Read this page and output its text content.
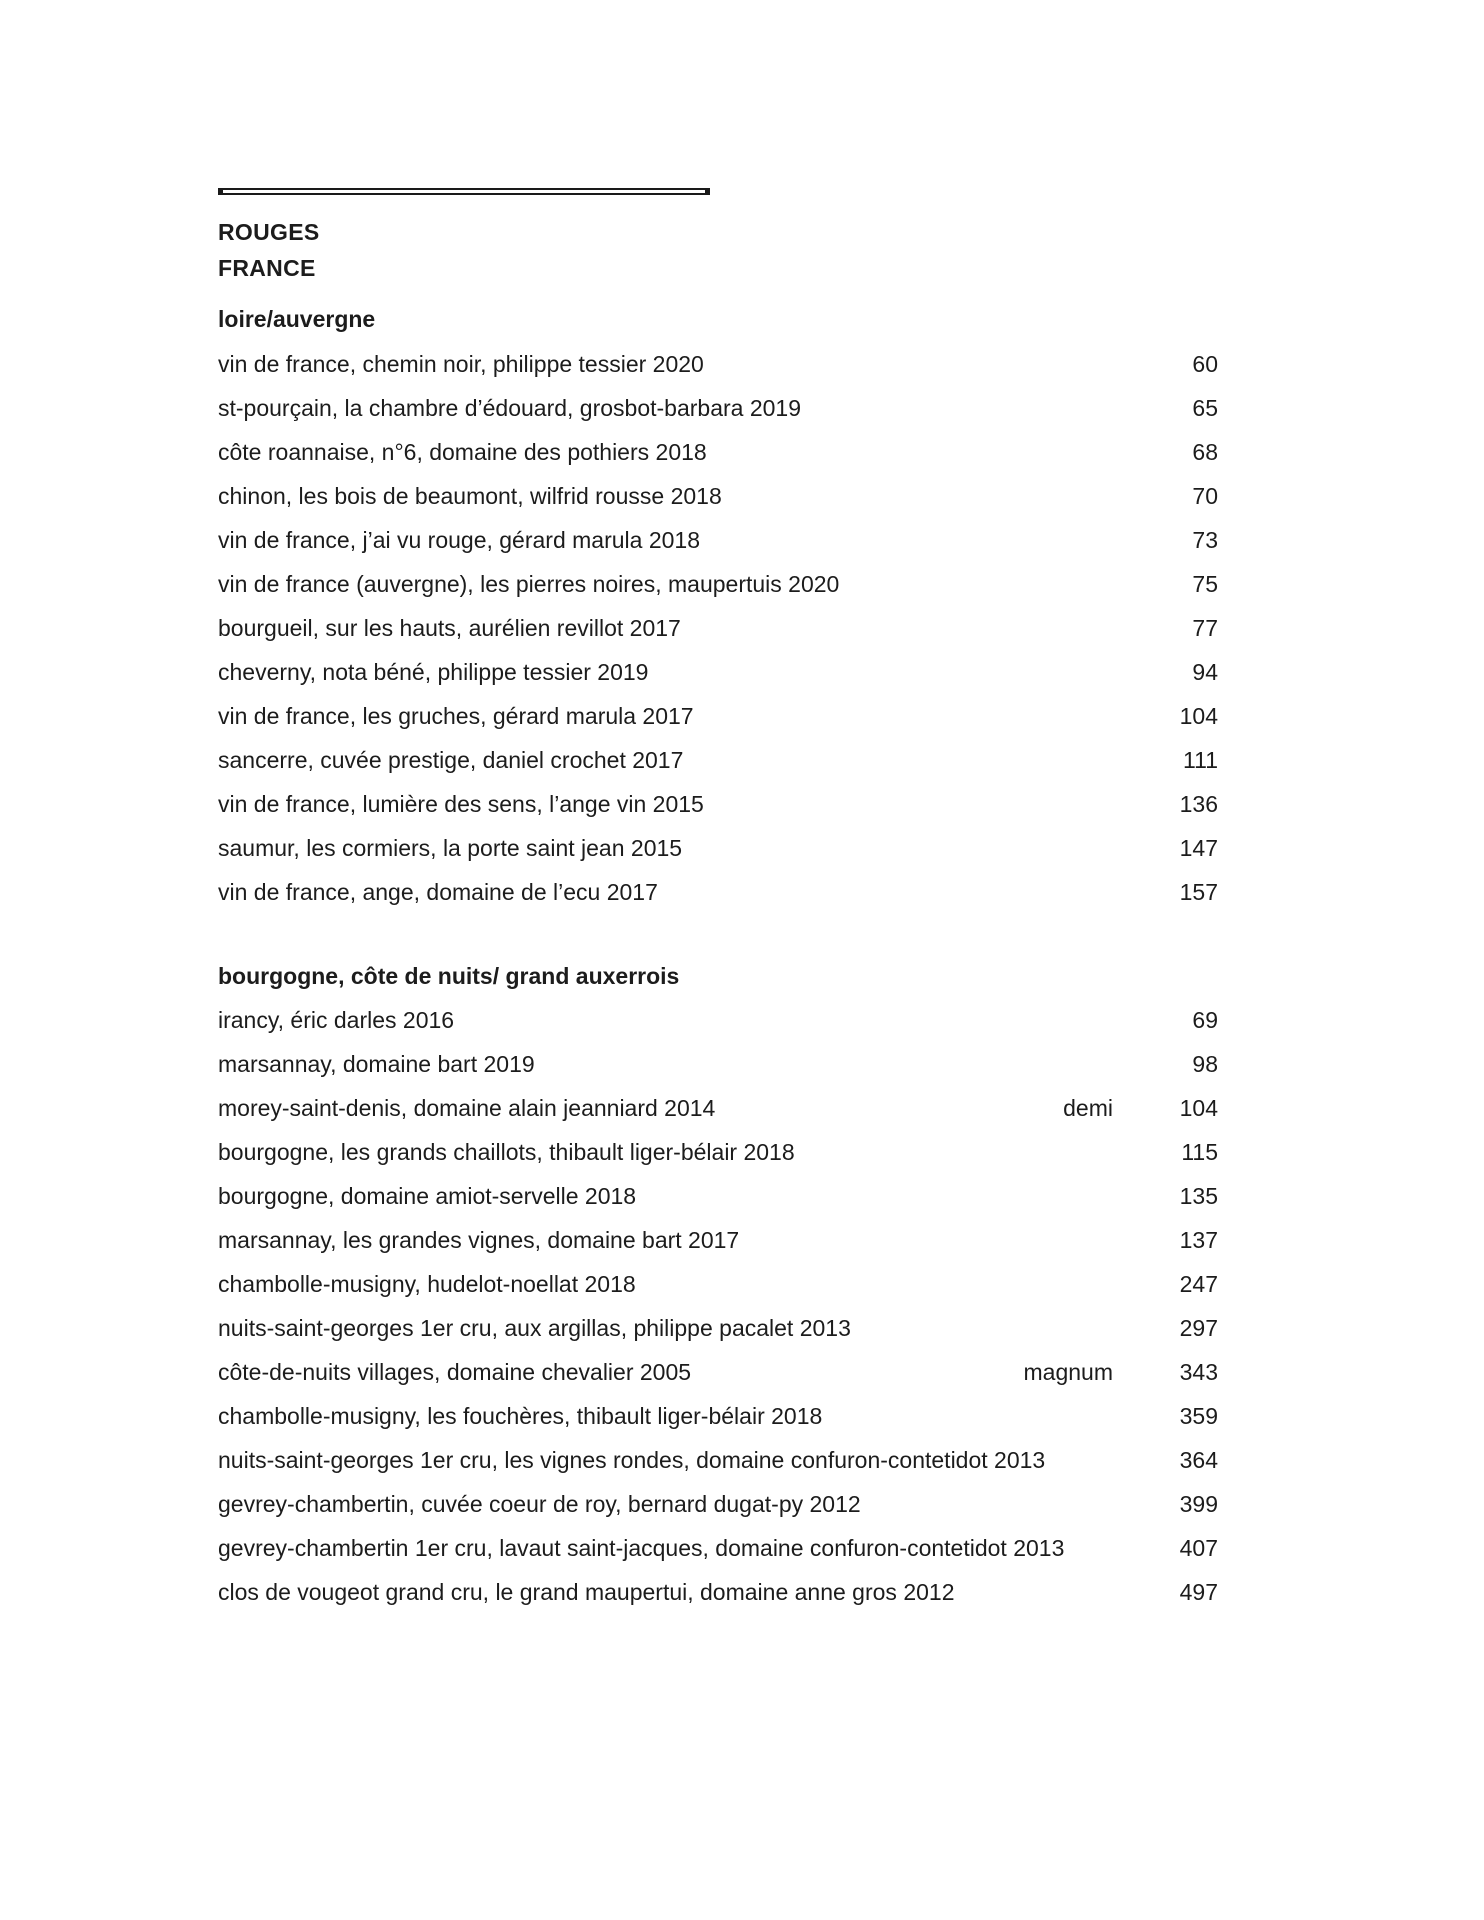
ROUGES
FRANCE
loire/auvergne
vin de france, chemin noir, philippe tessier 2020	60
st-pourçain, la chambre d’édouard, grosbot-barbara 2019	65
côte roannaise, n°6, domaine des pothiers 2018	68
chinon, les bois de beaumont, wilfrid rousse 2018	70
vin de france, j’ai vu rouge, gérard marula 2018	73
vin de france (auvergne), les pierres noires, maupertuis 2020	75
bourgueil, sur les hauts, aurélien revillot 2017	77
cheverny, nota béné, philippe tessier 2019	94
vin de france, les gruches, gérard marula 2017	104
sancerre, cuvée prestige, daniel crochet 2017	111
vin de france, lumière des sens, l’ange vin 2015	136
saumur, les cormiers, la porte saint jean 2015	147
vin de france, ange, domaine de l’ecu 2017	157
bourgogne, côte de nuits/ grand auxerrois
irancy, éric darles 2016	69
marsannay, domaine bart 2019	98
morey-saint-denis, domaine alain jeanniard 2014	demi	104
bourgogne, les grands chaillots, thibault liger-bélair 2018	115
bourgogne, domaine amiot-servelle 2018	135
marsannay, les grandes vignes, domaine bart 2017	137
chambolle-musigny, hudelot-noellat 2018	247
nuits-saint-georges 1er cru, aux argillas, philippe pacalet 2013	297
côte-de-nuits villages, domaine chevalier 2005	magnum	343
chambolle-musigny, les fouchères, thibault liger-bélair 2018	359
nuits-saint-georges 1er cru, les vignes rondes, domaine confuron-contetidot 2013	364
gevrey-chambertin, cuvée coeur de roy, bernard dugat-py 2012	399
gevrey-chambertin 1er cru, lavaut saint-jacques, domaine confuron-contetidot 2013	407
clos de vougeot grand cru, le grand maupertui, domaine anne gros 2012	497
